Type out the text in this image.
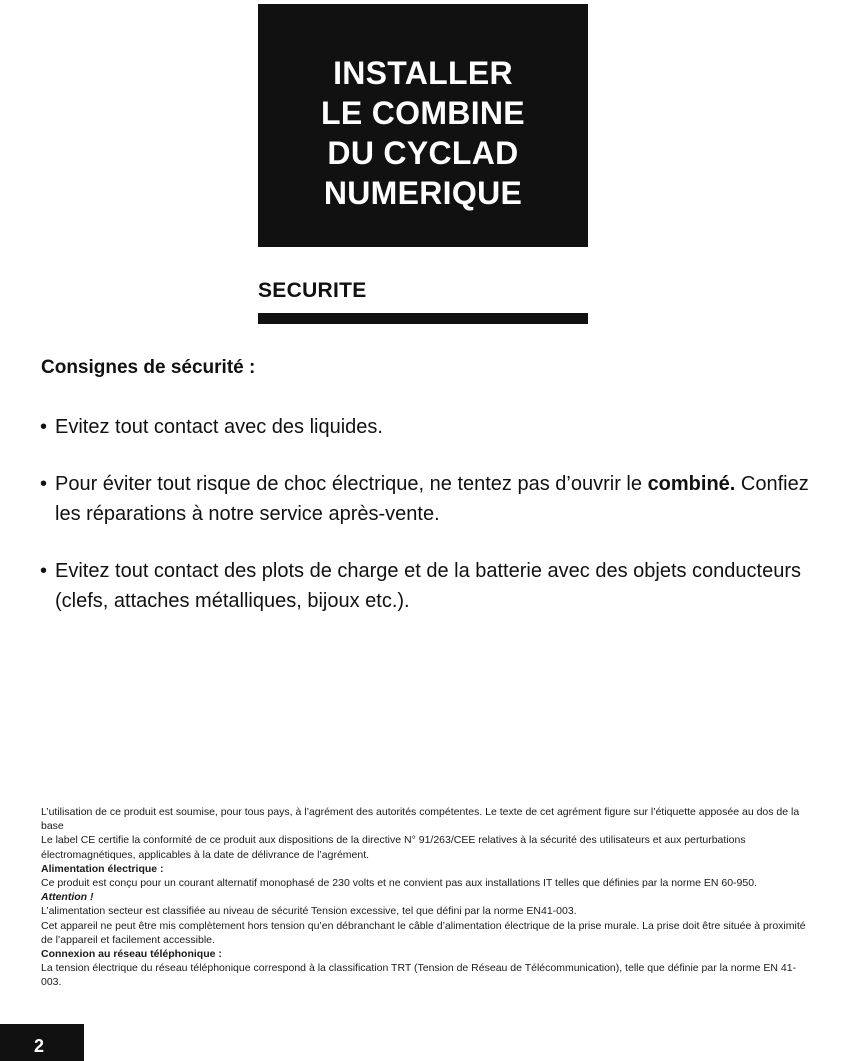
INSTALLER
LE COMBINE
DU CYCLAD
NUMERIQUE
SECURITE
Consignes de sécurité :
• Evitez tout contact avec des liquides.
• Pour éviter tout risque de choc électrique, ne tentez pas d’ouvrir le combiné. Confiez les réparations à notre service après-vente.
• Evitez tout contact des plots de charge et de la batterie avec des objets conducteurs (clefs, attaches métalliques, bijoux etc.).

L’utilisation de ce produit est soumise, pour tous pays, à l’agrément des autorités compétentes. Le texte de cet agrément figure sur l’étiquette apposée au dos de la base

Le label CE certifie la conformité de ce produit aux dispositions de la directive N° 91/263/CEE relatives à la sécurité des utilisateurs et aux perturbations électromagnétiques, applicables à la date de délivrance de l’agrément.

Alimentation électrique :

Ce produit est conçu pour un courant alternatif monophasé de 230 volts et ne convient pas aux installations IT telles que définies par la norme EN 60-950.

Attention !

L’alimentation secteur est classifiée au niveau de sécurité Tension excessive, tel que défini par la norme EN41-003.

Cet appareil ne peut être mis complètement hors tension qu’en débranchant le câble d’alimentation électrique de la prise murale. La prise doit être située à proximité de l’appareil et facilement accessible.

Connexion au réseau téléphonique :

La tension électrique du réseau téléphonique correspond à la classification TRT (Tension de Réseau de Télécommunication), telle que définie par la norme EN 41-003.

2
